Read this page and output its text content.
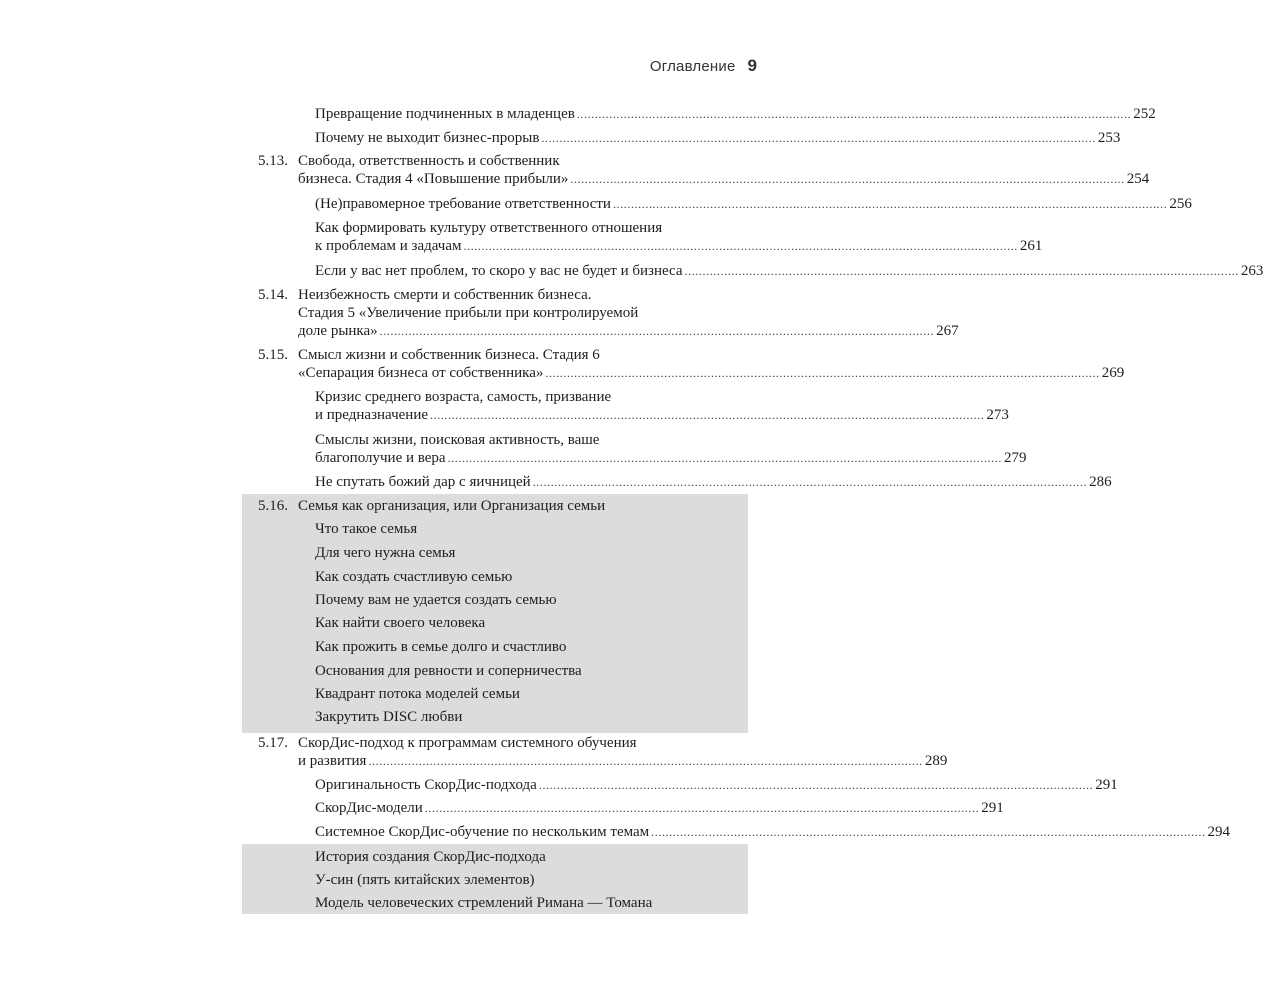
Оглавление 9
Превращение подчиненных в младенцев .......................................................................................................................................................... 252
Почему не выходит бизнес-прорыв .......................................................................................................................................................... 253
5.13. Свобода, ответственность и собственник
бизнеса. Стадия 4 «Повышение прибыли» .......................................................................................................................................................... 254
(Не)правомерное требование ответственности .......................................................................................................................................................... 256
Как формировать культуру ответственного отношения
к проблемам и задачам .......................................................................................................................................................... 261
Если у вас нет проблем, то скоро у вас не будет и бизнеса .......................................................................................................................................................... 263
5.14. Неизбежность смерти и собственник бизнеса.
Стадия 5 «Увеличение прибыли при контролируемой
доле рынка» .......................................................................................................................................................... 267
5.15. Смысл жизни и собственник бизнеса. Стадия 6
«Сепарация бизнеса от собственника» .......................................................................................................................................................... 269
Кризис среднего возраста, самость, призвание
и предназначение .......................................................................................................................................................... 273
Смыслы жизни, поисковая активность, ваше
благополучие и вера .......................................................................................................................................................... 279
Не спутать божий дар с яичницей .......................................................................................................................................................... 286
5.16. Семья как организация, или Организация семьи
Что такое семья
Для чего нужна семья
Как создать счастливую семью
Почему вам не удается создать семью
Как найти своего человека
Как прожить в семье долго и счастливо
Основания для ревности и соперничества
Квадрант потока моделей семьи
Закрутить DISC любви
5.17. СкорДис-подход к программам системного обучения
и развития .......................................................................................................................................................... 289
Оригинальность СкорДис-подхода .......................................................................................................................................................... 291
СкорДис-модели .......................................................................................................................................................... 291
Системное СкорДис-обучение по нескольким темам .......................................................................................................................................................... 294
История создания СкорДис-подхода
У-син (пять китайских элементов)
Модель человеческих стремлений Римана — Томана
